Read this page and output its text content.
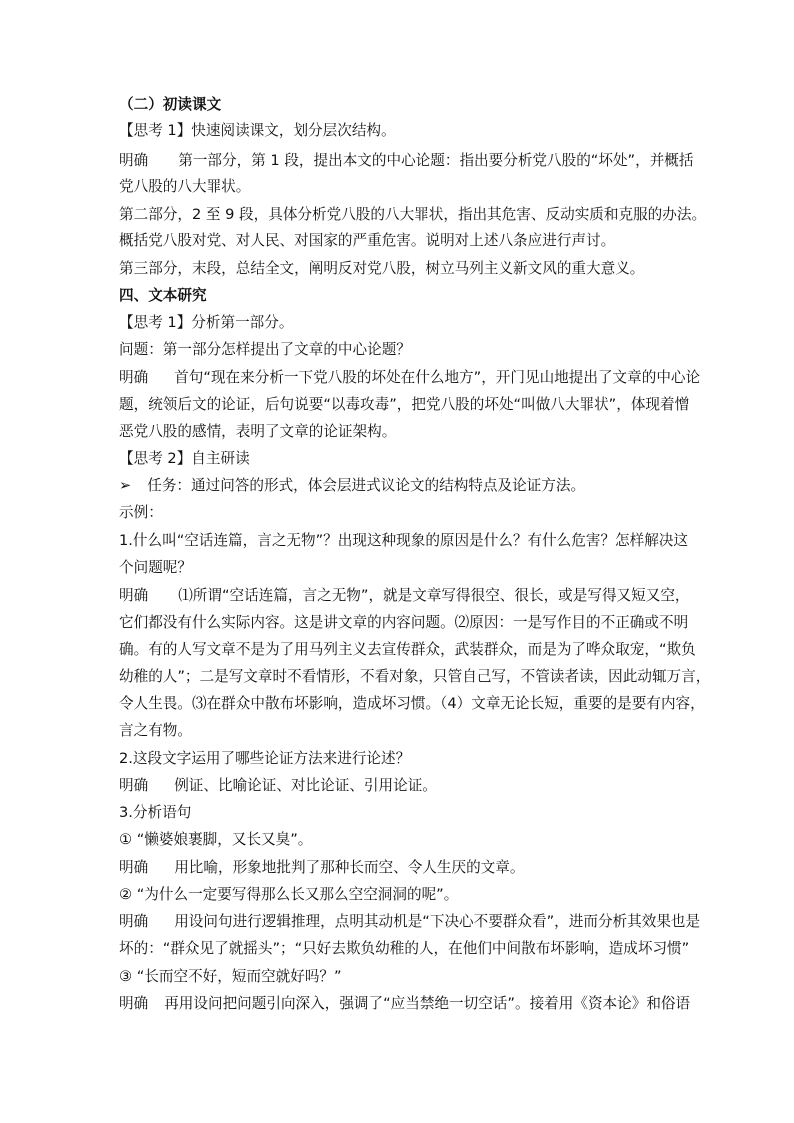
（二）初读课文
【思考 1】快速阅读课文，划分层次结构。
明确 第一部分，第 1 段，提出本文的中心论题：指出要分析党八股的“坏处”，并概括
党八股的八大罪状。
第二部分，2 至 9 段，具体分析党八股的八大罪状，指出其危害、反动实质和克服的办法。
概括党八股对党、对人民、对国家的严重危害。说明对上述八条应进行声讨。
第三部分，末段，总结全文，阐明反对党八股，树立马列主义新文风的重大意义。
四、文本研究
【思考 1】分析第一部分。
问题：第一部分怎样提出了文章的中心论题？
明确 首句“现在来分析一下党八股的坏处在什么地方”，开门见山地提出了文章的中心论
题，统领后文的论证，后句说要“以毒攻毒”，把党八股的坏处“叫做八大罪状”，体现着憎
恶党八股的感情，表明了文章的论证架构。
【思考 2】自主研读
➢ 任务：通过问答的形式，体会层进式议论文的结构特点及论证方法。
示例：
1.什么叫“空话连篇，言之无物”？出现这种现象的原因是什么？有什么危害？怎样解决这
个问题呢？
明确 ⑴所谓“空话连篇，言之无物”，就是文章写得很空、很长，或是写得又短又空，
它们都没有什么实际内容。这是讲文章的内容问题。⑵原因：一是写作目的不正确或不明
确。有的人写文章不是为了用马列主义去宣传群众，武装群众，而是为了哗众取宠，“欺负
幼稚的人”；二是写文章时不看情形，不看对象，只管自己写，不管读者读，因此动辄万言，
令人生畏。⑶在群众中散布坏影响，造成坏习惯。（4）文章无论长短，重要的是要有内容，
言之有物。
2.这段文字运用了哪些论证方法来进行论述？
明确 例证、比喻论证、对比论证、引用论证。
3.分析语句
① “懒婆娘裹脚，又长又臭”。
明确 用比喻，形象地批判了那种长而空、令人生厌的文章。
② “为什么一定要写得那么长又那么空空洞洞的呢”。
明确 用设问句进行逻辑推理，点明其动机是“下决心不要群众看”，进而分析其效果也是
坏的：“群众见了就摇头”；“只好去欺负幼稚的人，在他们中间散布坏影响，造成坏习惯”
③ “长而空不好，短而空就好吗？”
明确 再用设问把问题引向深入，强调了“应当禁绝一切空话”。接着用《资本论》和俗语
